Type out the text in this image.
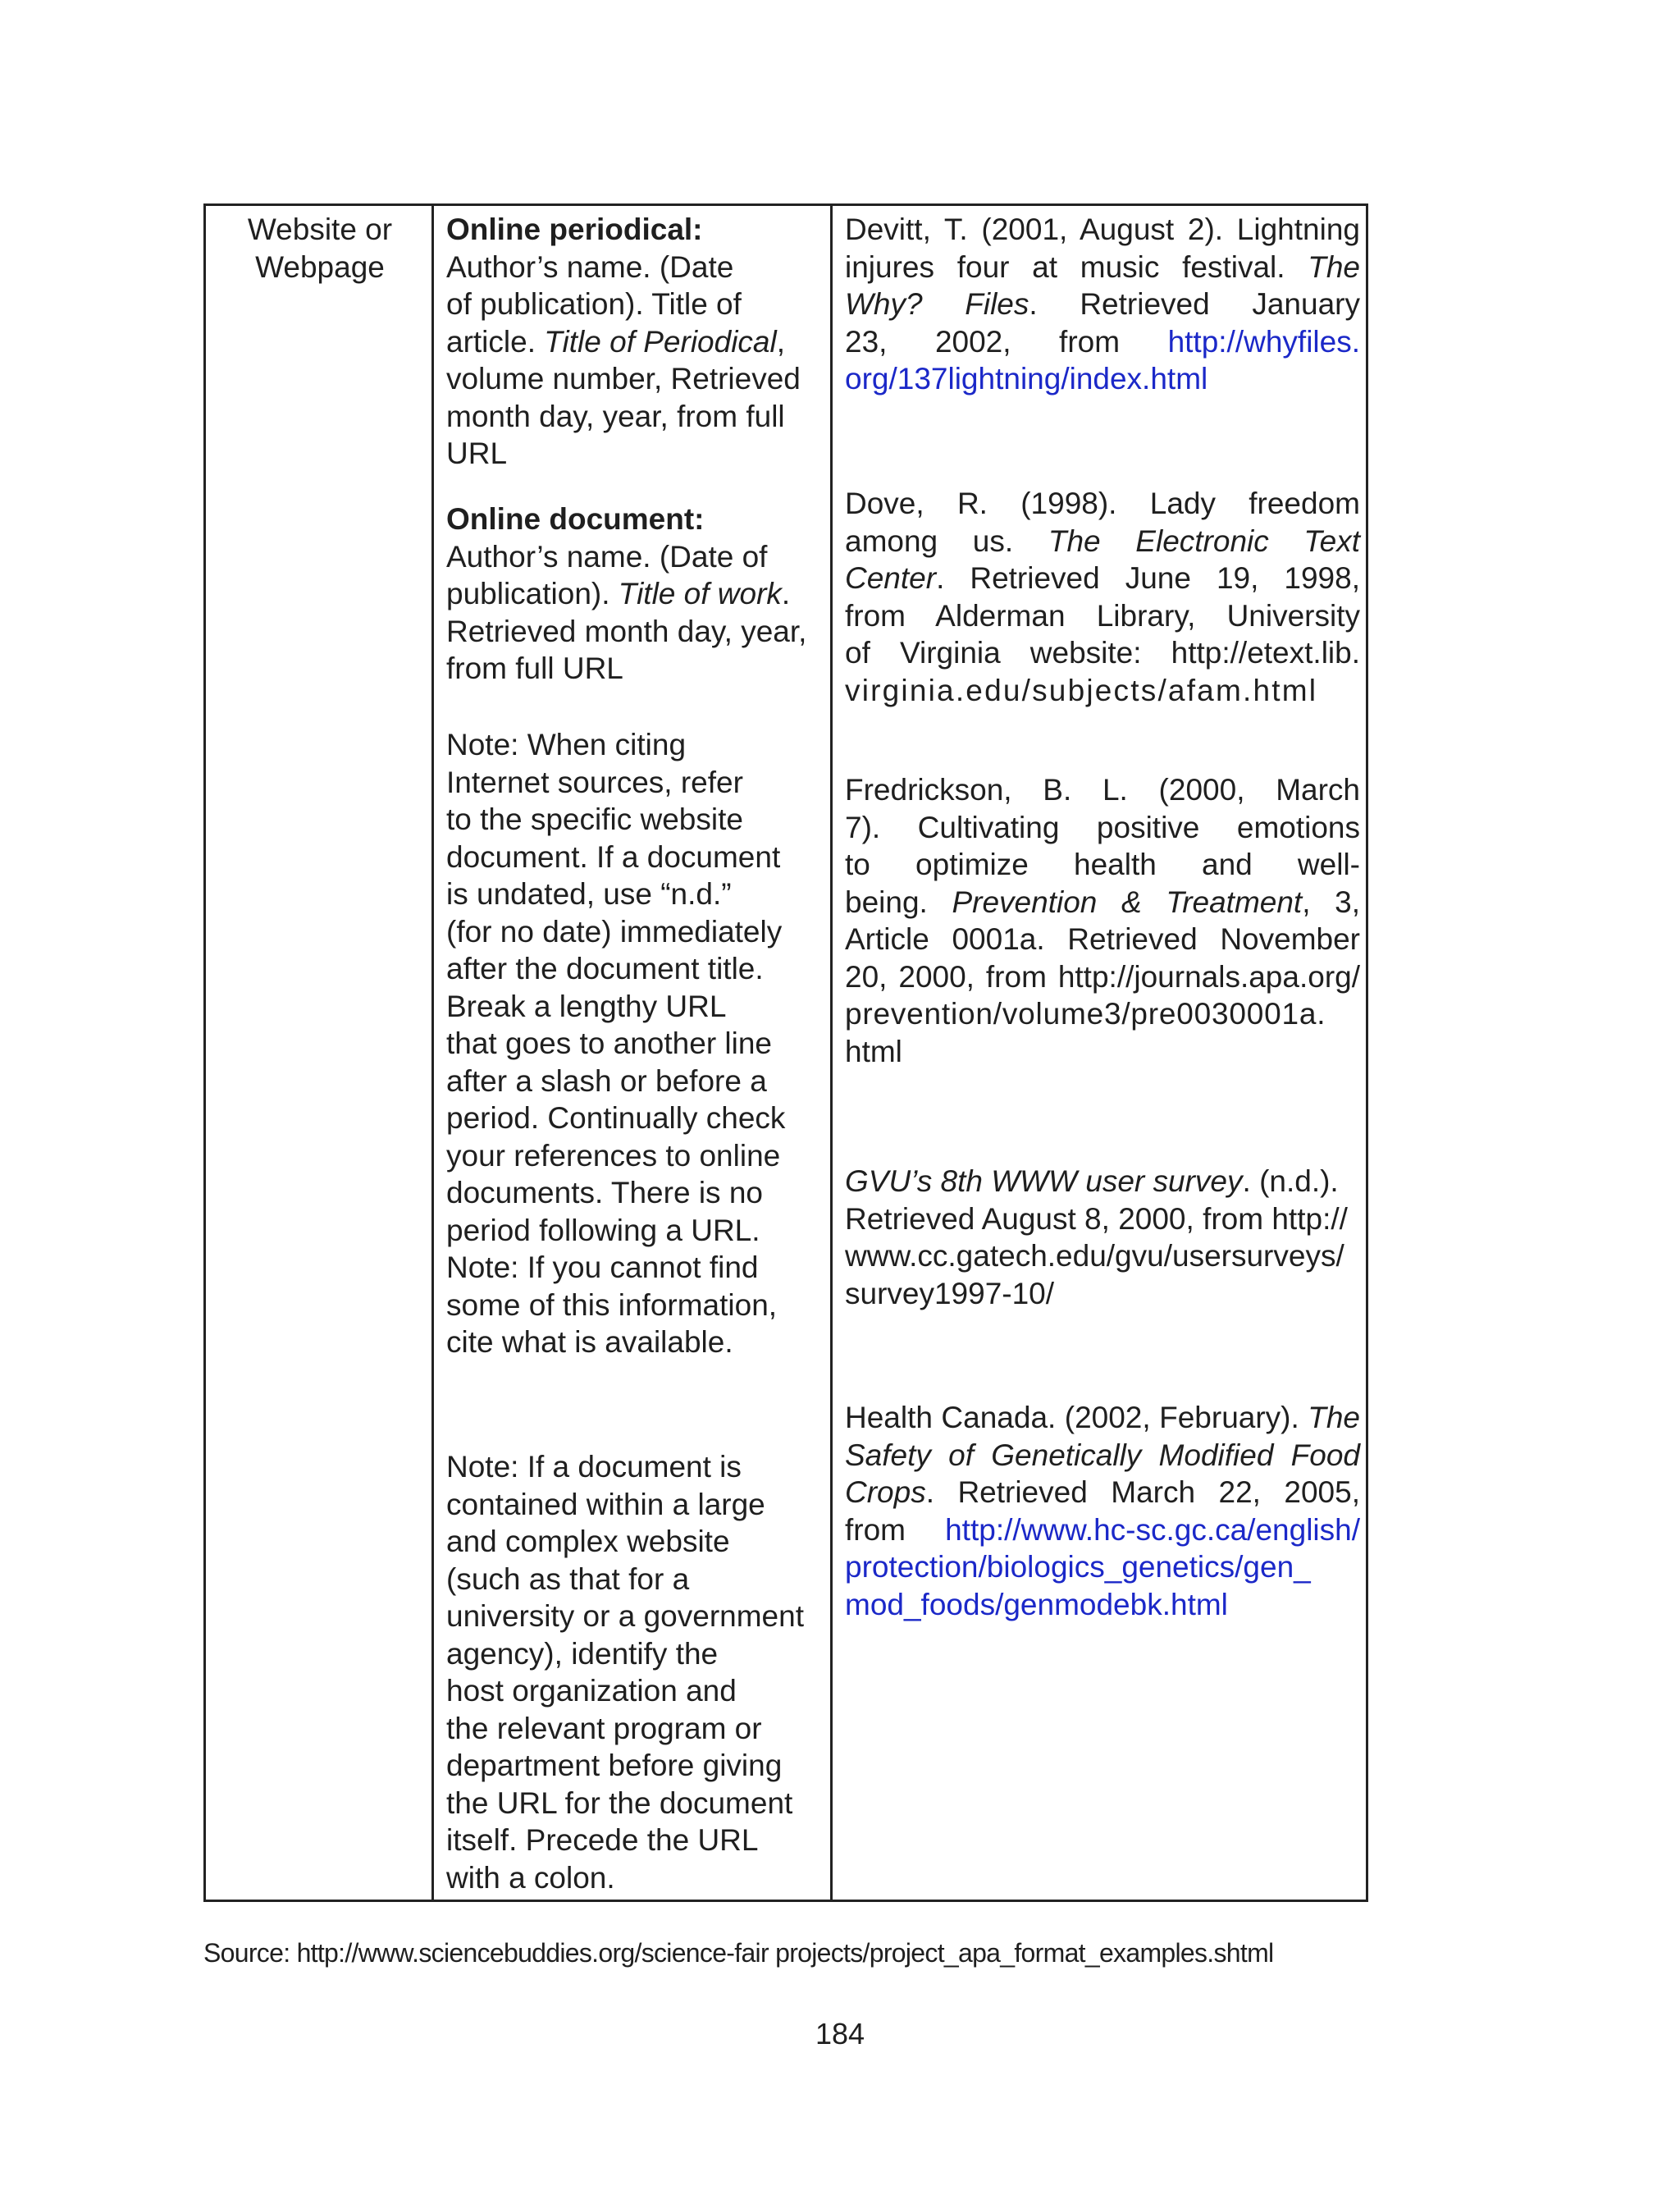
Website or
Webpage
Online periodical:
Author’s name. (Date
of publication). Title of
article. Title of Periodical,
volume number, Retrieved
month day, year, from full
URL
Online document:
Author’s name. (Date of
publication). Title of work.
Retrieved month day, year,
from full URL
Note: When citing
Internet sources, refer
to the specific website
document. If a document
is undated, use “n.d.”
(for no date) immediately
after the document title.
Break a lengthy URL
that goes to another line
after a slash or before a
period. Continually check
your references to online
documents. There is no
period following a URL.
Note: If you cannot find
some of this information,
cite what is available.
Note: If a document is
contained within a large
and complex website
(such as that for a
university or a government
agency), identify the
host organization and
the relevant program or
department before giving
the URL for the document
itself. Precede the URL
with a colon.
Devitt, T. (2001, August 2). Lightning
injures four at music festival. The
Why? Files. Retrieved January
23, 2002, from http://whyfiles.
org/137lightning/index.html
Dove, R. (1998). Lady freedom
among us. The Electronic Text
Center. Retrieved June 19, 1998,
from Alderman Library, University
of Virginia website: http://etext.lib.
virginia.edu/subjects/afam.html
Fredrickson, B. L. (2000, March
7). Cultivating positive emotions
to optimize health and well-
being. Prevention & Treatment, 3,
Article 0001a. Retrieved November
20, 2000, from http://journals.apa.org/
prevention/volume3/pre0030001a.
html
GVU’s 8th WWW user survey. (n.d.).
Retrieved August 8, 2000, from http://
www.cc.gatech.edu/gvu/usersurveys/
survey1997-10/
Health Canada. (2002, February). The
Safety of Genetically Modified Food
Crops. Retrieved March 22, 2005,
from http://www.hc-sc.gc.ca/english/
protection/biologics_genetics/gen_
mod_foods/genmodebk.html
Source: http://www.sciencebuddies.org/science-fair projects/project_apa_format_examples.shtml
184
